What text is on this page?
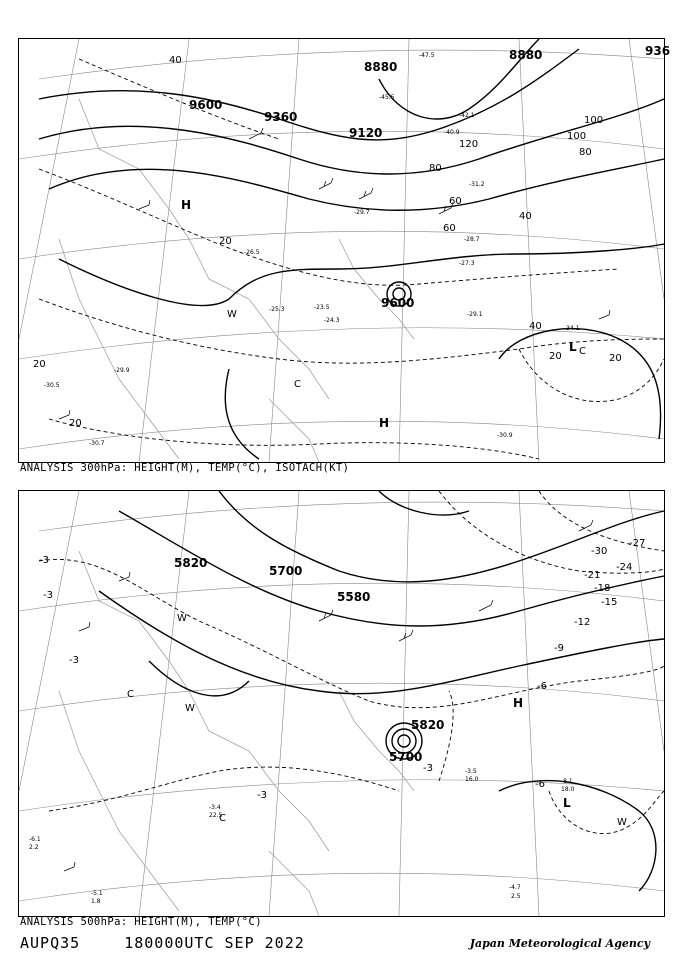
9600
9360
9120
8880
8880
9600
936
40
60
80
100
120
40
20	20
20
20
20
40
60
80
100
H
H
L
C
W
C
-47.5
-45.5
-42.1
-40.9
-31.2
-29.7
-28.7
-27.3
-26.5
-25.3
-24.3
-23.5
-29.1
-30.7
-30.5
-29.9
-34.1
-30.9
ANALYSIS 300hPa: HEIGHT(M), TEMP(°C), ISOTACH(KT)
5700
5820
5580
5820
5700
-3
-3
-3
-6
-9
-12
-15
-18
-21
-24
-27
-30
-3
-3
-6
H
L
C
W
W
C	W
-4.7
2.5
-8.1
18.0
-3.5
16.0
-3.4
22.5
-5.1
1.8
-6.1
2.2
ANALYSIS 500hPa: HEIGHT(M), TEMP(°C)
AUPQ35	180000UTC SEP 2022	Japan Meteorological Agency
